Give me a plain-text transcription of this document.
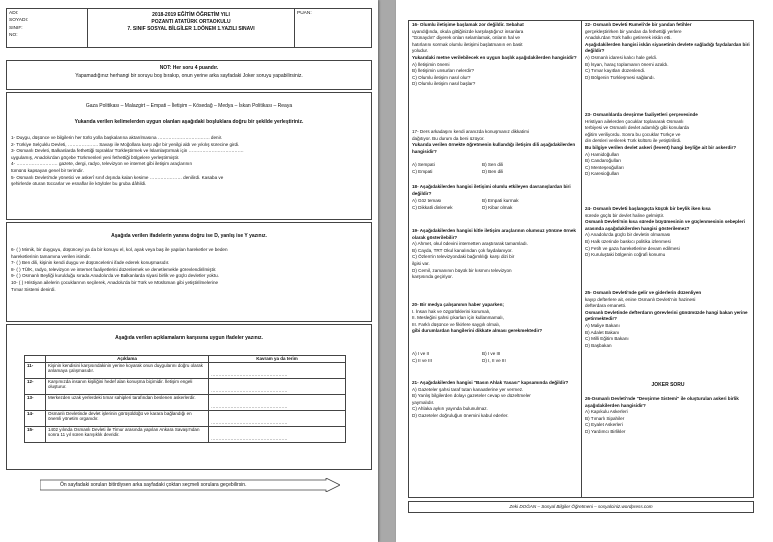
ADI:
SOYADI:
SINIF:
NO:

2018-2019 EĞİTİM ÖĞRETİM YILI
POZANTI ATATÜRK ORTAOKULU
7. SINIF SOSYAL BİLGİLER 1.DÖNEM 1.YAZILI SINAVI

PUAN:
NOT: Her soru 4 puandır.
Yapamadığınız herhangi bir soruyu boş bırakıp, onun yerine arka sayfadaki Joker soruyu yapabilirsiniz.
Gaza Politikası – Malazgirt – Empati – İletişim – Kösedağ – Medya – İskan Politikası – Reaya
Yukarıda verilen kelimelerden uygun olanları aşağıdaki boşluklara doğru bir şekilde yerleştiriniz.

1- Duygu, düşünce ve bilgilerin her türlü yolla başkalarına aktarılmasına ……………………………. denir.

2- Türkiye Selçuklu Devleti, ……………….. Savaşı ile Moğollara karşı ağır bir yenilgi aldı ve yıkılış sürecine girdi.

3- Osmanlı Devleti, Balkanlarda fethettiği topraklar Türkleştirmek ve İslamlaştırmak için ………………………………

uygulamış, Anadolu'dan göçebe Türkmenleri yeni fethettiği bölgelere yerleştirmiştir.

4- ……………………… gazete, dergi, radyo, televizyon ve internet gibi iletişim araçlarının

tümünü kapsayan genel bir terimdir.

5- Osmanlı Devleti'nde yönetici ve askerî sınıf dışında kalan kesime ………………… denilirdi. Kasaba ve

şehirlerde oturan tüccarlar ve esnaflar ile köylüler bu gruba dâhildi.

Aşağıda verilen ifadelerin yanına doğru ise D, yanlış ise Y yazınız.

6- ( ) Mimik, bir duyguyu, düşünceyi ya da bir konuyu el, kol, ayak veya baş ile yapılan hareketler ve beden

hareketlerinin tamamına verilen isimdir.

7- ( ) Ben dili, kişinin kendi duygu ve düşüncelerini ifade ederek konuşmasıdır.

8- ( ) TÜİK, radyo, televizyon ve internet faaliyetlerini düzenlemek ve denetlemekle görevlendirilmiştir.

9- ( ) Osmanlı Beyliği kurulduğu sırada Anadolu'da ve Balkanlarda siyasi birlik ve güçlü devletler yoktu.

10- ( ) Hristiyan ailelerin çocuklarının seçilerek, Anadolu'da bir Türk ve Müslüman gibi yetiştirilmelerine

Tımar Sistemi denirdi.

Aşağıda verilen açıklamaların karşısına uygun ifadeler yazınız.
	Açıklama	Kavram ya da terim
11-	Kişinin kendisini karşısındakinin yerine koyarak onun duygularını doğru olarak anlamaya çalışmasıdır.	……………………………………………
12-	Karşımızda insanın kişiliğini hedef alan konuşma biçimidir. İletişim engeli oluşturur.	……………………………………………
13-	Merkezden uzak yerlerdeki tımar sahipleri tarafından beslenen askerlerdir.	……………………………………………
14-	Osmanlı Devletinde devlet işlerinin görüşüldüğü ve karara bağlandığı en önemli yönetim organıdır.	……………………………………………
15-	1402 yılında Osmanlı Devleti ile Timur arasında yapılan Ankara Savaşı'ndan sonra 11 yıl süren karışıklık devridir.	……………………………………………
Ön sayfadaki soruları bitirdiysen arka sayfadaki çoktan seçmeli sorulara geçebilirsin.

16- Olumlu iletişime başlamak zor değildir. Sebahat

uyandığında, okula gittiğinizde karşılaştığınız insanlara

"Günaydın" diyerek onları selamlamak, onların hal ve

hatırlarını sormak olumlu iletişimi başlatmanın en basit

yoludur.

Yukarıdaki metne verilebilecek en uygun başlık aşağıdakilerden hangisidir?

A) İletişimin önemi

B) İletişimin unsurları nelerdir?

C) Olumlu iletişim nasıl olur?

D) Olumlu iletişim nasıl başlar?

17- Ders arkadaşını kendi aranızda konuşmanız dikkatimi

dağıtıyor. Bu durum da beni üzüyor.

Yukarıda verilen örnekte öğretmenin kullandığı iletişim dili aşağıdakilerden hangisidir?

A) Sempati	B) Sen dili
C) Empati	D) Ben dili

18- Aşağıdakilerden hangisi iletişimi olumlu etkileyen davranışlardan biri değildir?

A) Göz teması	B) Empati kurmak
C) Dikkatli dinlemek	D) Kibar olmak

19- Aşağıdakilerden hangisi kitle iletişim araçlarının olumsuz yönüne örnek olarak gösterilebilir?

A) Ahmet, okul ödevini internetten araştırarak tamamladı.

B) Cayda, TRT Okul kanalından çok faydalanıyor.

C) Özlem'in televizyondaki bağımlılığı karşı dizi bir

ilgisi var.

D) Cemil, zamanının büyük bir kısmını televizyon

karşısında geçiriyor.

20- Bir medya çalışanının haber yaparken;

I. İnsan hak ve özgürlüklerini korumalı,

II. Mesleğini şahsi çıkarları için kullanmamalı,

III. Farklı düşünce ve fikirlere saygılı olmalı,

gibi durumlardan hangilerini dikkate alması gerekmektedir?

A) I ve II	B) I ve III
C) II ve III	D) I, II ve III

21- Aşağıdakilerden hangisi "Basın Ahlak Yasası" kapsamında değildir?

A) Gazeteler şahsi taraf tutan kanaatlerine yer vermez.

B) Yanlış bilgilerden dolayı gazeteler cevap ve düzeltmeler

yaymalıdır.

C) Ahlaka aykırı yayında bulunulmaz.

D) Gazeteler doğruluğun önemini kabul ederler.

22- Osmanlı Devleti Rumeli'de bir yandan fetihler

gerçekleştirirken bir yandan da fethettiği yerlere

Anadolu'dan Türk halkı getirerek iskân etti.

Aşağıdakilerden hangisi iskân siyasetinin devlete sağladığı faydalardan biri değildir?

A) Osmanlı idaresi kalıcı hale geldi.

B) İsyan, haraç toplamanın önemi azaldı.

C) Tımar kayıtları düzenlendi.

D) Bölgenin Türkleşmesi sağlandı.

23- Osmanlılarda devşirme faaliyetleri çerçevesinde

Hristiyan ailelerden çocuklar toplanarak Osmanlı

terbiyesi ve Osmanlı devlet adamlığı gibi konularda

eğitim veriliyordu. Sonra bu çocuklar Türkçe ve

din dersleri verilerek Türk kültürü ile yetiştirilirdi.

Bu bilgiye verilen devlet askeri (levent) hangi beyliğe ait bir askerdir?

A) Hamidoğulları

B) Candaroğulları

C) Menteşeoğulları

D) Karesioğulları

24- Osmanlı Devleti başlangıçta küçük bir beylik iken kısa

sürede güçlü bir devlet haline gelmiştir.

Osmanlı Devleti'nin kısa sürede büyümesinin ve güçlenmesinin sebepleri arasında aşağıdakilerden hangisi gösterilemez?

A) Anadolu'da güçlü bir devletin olmaması

B) Halk üzerinde baskıcı politika izlenmesi

C) Fetih ve gaza hareketlerine devam edilmesi

D) Kuruluştaki bölgenin coğrafi konumu

25- Osmanlı Devleti'nde gelir ve giderlerin düzenliyen

kayıp defterlere ait, enine Osmanlı Devleti'nin hazinesi

defterdara emanetti.

Osmanlı Devletinde defterdarın görevlerini günümüzde hangi bakan yerine getirmektedir?

A) Maliye Bakanı

B) Adalet Bakanı

C) Milli Eğitim Bakanı

D) Başbakan

JOKER SORU

26-Osmanlı Devleti'nde "Devşirme Sistemi" ile oluşturulan askeri birlik aşağıdakilerden hangisidir?

A) Kapıkulu Askerleri

B) Tımarlı Sipahiler

C) Eyalet Askerleri

D) Yardımcı Birlikler

Zeki DOĞAN – Sosyal Bilgiler Öğretmeni – sosyalciniz.wordpress.com
